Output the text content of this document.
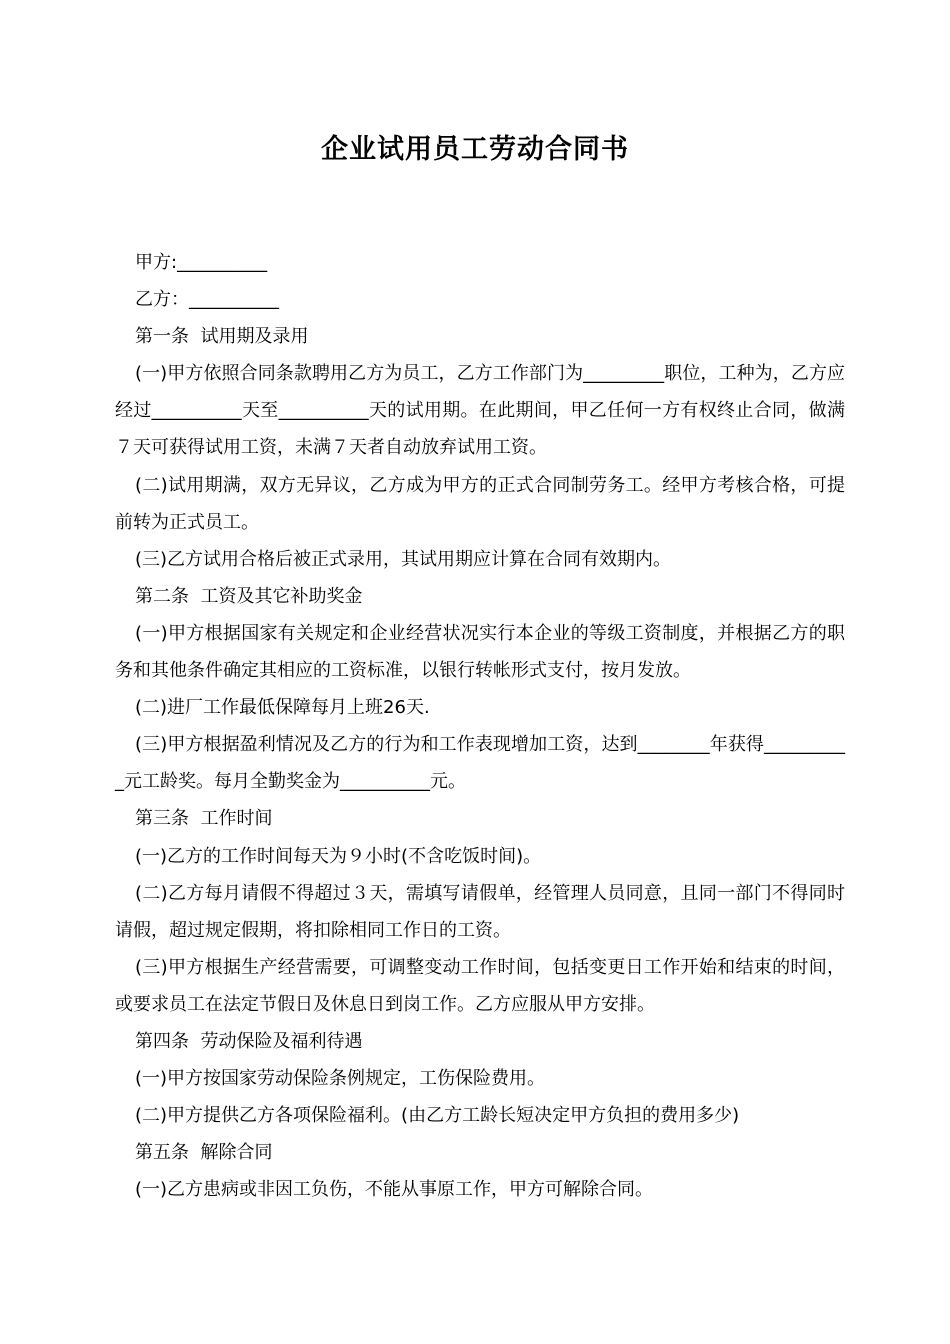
企业试用员工劳动合同书

甲方:__________

乙方：__________

第一条  试用期及录用

(一)甲方依照合同条款聘用乙方为员工，乙方工作部门为_________职位，工种为，乙方应经过__________天至__________天的试用期。在此期间，甲乙任何一方有权终止合同，做满７天可获得试用工资，未满７天者自动放弃试用工资。

(二)试用期满，双方无异议，乙方成为甲方的正式合同制劳务工。经甲方考核合格，可提前转为正式员工。

(三)乙方试用合格后被正式录用，其试用期应计算在合同有效期内。

第二条  工资及其它补助奖金

(一)甲方根据国家有关规定和企业经营状况实行本企业的等级工资制度，并根据乙方的职务和其他条件确定其相应的工资标准，以银行转帐形式支付，按月发放。

(二)进厂工作最低保障每月上班26天.

(三)甲方根据盈利情况及乙方的行为和工作表现增加工资，达到________年获得__________元工龄奖。每月全勤奖金为__________元。

第三条  工作时间

(一)乙方的工作时间每天为９小时(不含吃饭时间)。

(二)乙方每月请假不得超过３天，需填写请假单，经管理人员同意，且同一部门不得同时请假，超过规定假期，将扣除相同工作日的工资。

(三)甲方根据生产经营需要，可调整变动工作时间，包括变更日工作开始和结束的时间，或要求员工在法定节假日及休息日到岗工作。乙方应服从甲方安排。

第四条  劳动保险及福利待遇

(一)甲方按国家劳动保险条例规定，工伤保险费用。

(二)甲方提供乙方各项保险福利。(由乙方工龄长短决定甲方负担的费用多少)

第五条  解除合同

(一)乙方患病或非因工负伤，不能从事原工作，甲方可解除合同。
